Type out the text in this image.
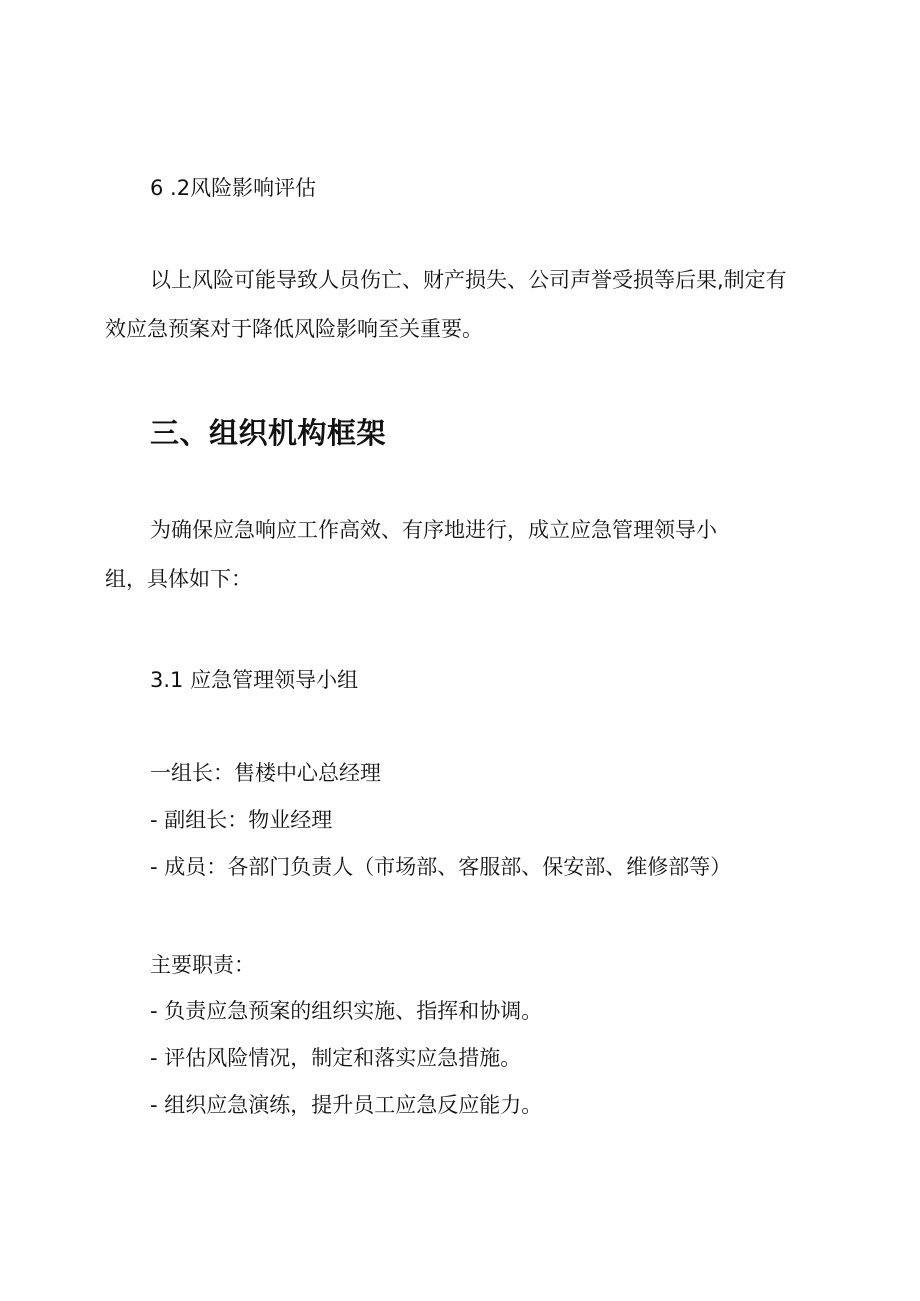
6 .2风险影响评估
以上风险可能导致人员伤亡、财产损失、公司声誉受损等后果,制定有
效应急预案对于降低风险影响至关重要。
三、组织机构框架
为确保应急响应工作高效、有序地进行，成立应急管理领导小
组，具体如下：
3.1 应急管理领导小组
一组长：售楼中心总经理
- 副组长：物业经理
- 成员：各部门负责人（市场部、客服部、保安部、维修部等）
主要职责：
- 负责应急预案的组织实施、指挥和协调。
- 评估风险情况，制定和落实应急措施。
- 组织应急演练，提升员工应急反应能力。
